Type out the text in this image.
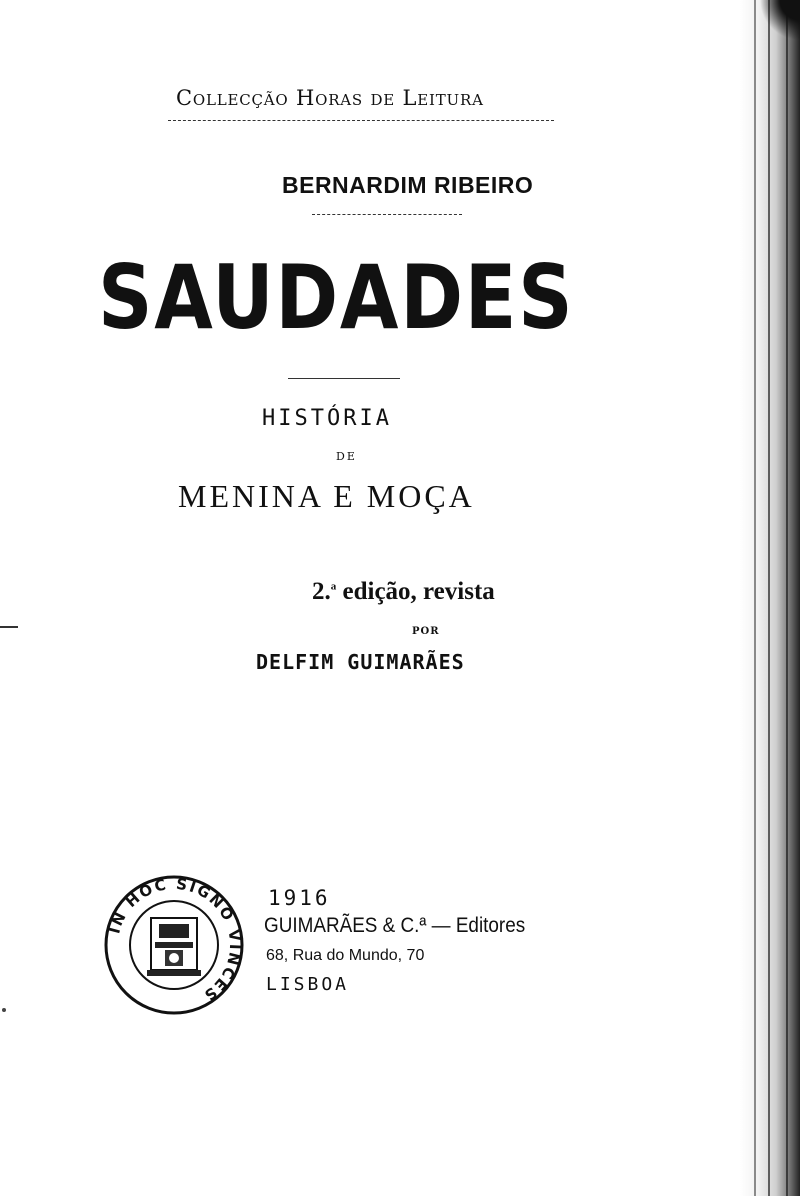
Collecção Horas de Leitura
BERNARDIM RIBEIRO
SAUDADES
HISTÓRIA
DE
MENINA E MOÇA
2.$^a$ edição, revista
POR
DELFIM GUIMARÃES
IN HOC SIGNO VINCES
1916
GUIMARÃES & C.ª — Editores
68, Rua do Mundo, 70
LISBOA
